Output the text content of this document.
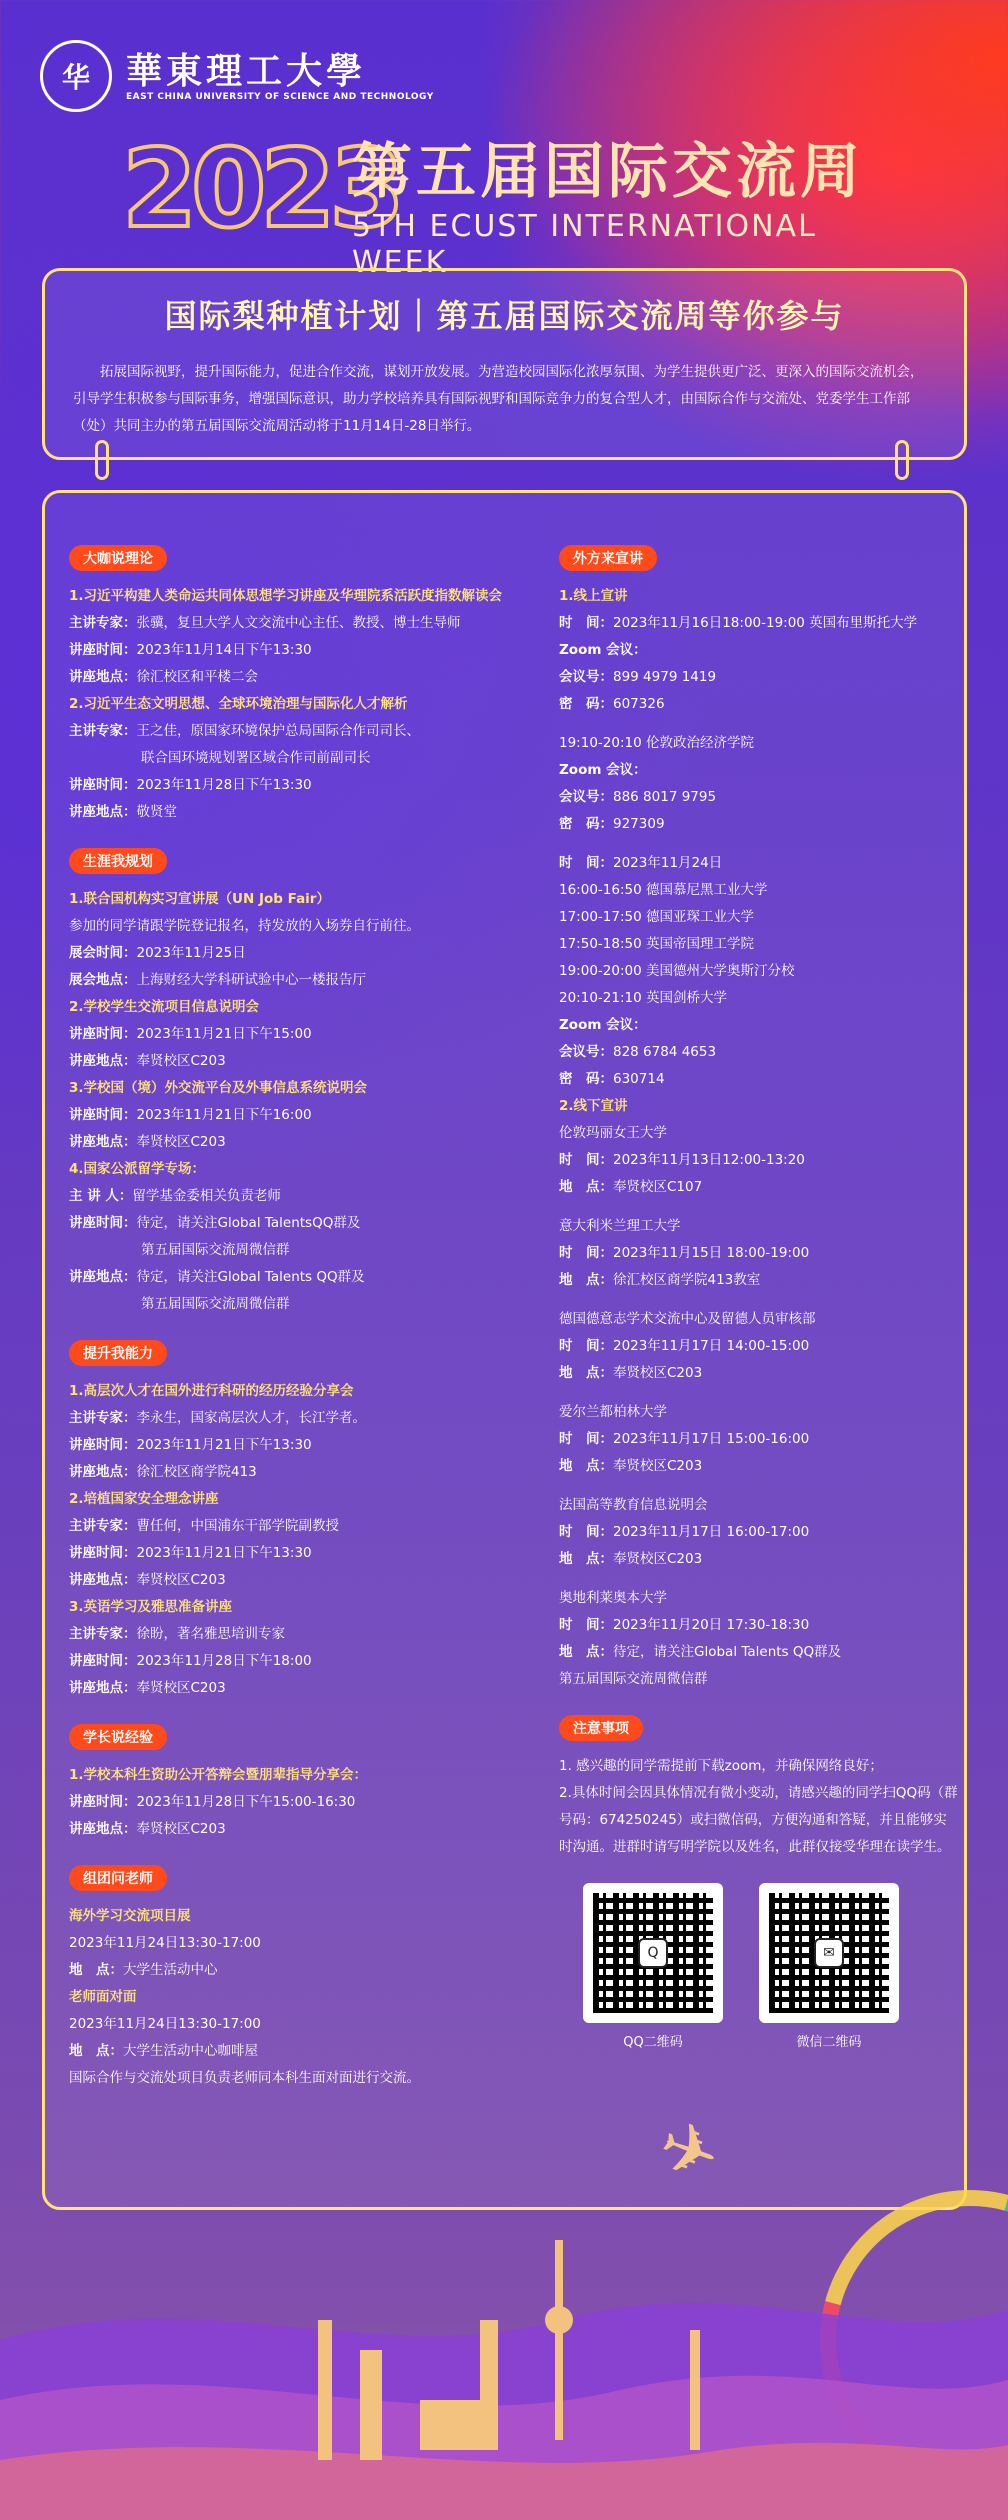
华	華東理工大學
EAST CHINA UNIVERSITY OF SCIENCE AND TECHNOLOGY
2023
第五届国际交流周
5TH ECUST INTERNATIONAL WEEK
国际梨种植计划｜第五届国际交流周等你参与

拓展国际视野，提升国际能力，促进合作交流，谋划开放发展。为营造校园国际化浓厚氛围、为学生提供更广泛、更深入的国际交流机会，引导学生积极参与国际事务，增强国际意识，助力学校培养具有国际视野和国际竞争力的复合型人才，由国际合作与交流处、党委学生工作部（处）共同主办的第五届国际交流周活动将于11月14日-28日举行。

大咖说理论
1.习近平构建人类命运共同体思想学习讲座及华理院系活跃度指数解读会
主讲专家：张骥，复旦大学人文交流中心主任、教授、博士生导师
讲座时间：2023年11月14日下午13:30
讲座地点：徐汇校区和平楼二会
2.习近平生态文明思想、全球环境治理与国际化人才解析
主讲专家：王之佳，原国家环境保护总局国际合作司司长、
联合国环境规划署区域合作司前副司长
讲座时间：2023年11月28日下午13:30
讲座地点：敬贤堂
生涯我规划
1.联合国机构实习宣讲展（UN Job Fair）
参加的同学请跟学院登记报名，持发放的入场券自行前往。
展会时间：2023年11月25日
展会地点：上海财经大学科研试验中心一楼报告厅
2.学校学生交流项目信息说明会
讲座时间：2023年11月21日下午15:00
讲座地点：奉贤校区C203
3.学校国（境）外交流平台及外事信息系统说明会
讲座时间：2023年11月21日下午16:00
讲座地点：奉贤校区C203
4.国家公派留学专场：
主 讲 人：留学基金委相关负责老师
讲座时间：待定，请关注Global TalentsQQ群及
第五届国际交流周微信群
讲座地点：待定，请关注Global Talents QQ群及
第五届国际交流周微信群
提升我能力
1.高层次人才在国外进行科研的经历经验分享会
主讲专家：李永生，国家高层次人才，长江学者。
讲座时间：2023年11月21日下午13:30
讲座地点：徐汇校区商学院413
2.培植国家安全理念讲座
主讲专家：曹任何，中国浦东干部学院副教授
讲座时间：2023年11月21日下午13:30
讲座地点：奉贤校区C203
3.英语学习及雅思准备讲座
主讲专家：徐盼，著名雅思培训专家
讲座时间：2023年11月28日下午18:00
讲座地点：奉贤校区C203
学长说经验
1.学校本科生资助公开答辩会暨朋辈指导分享会：
讲座时间：2023年11月28日下午15:00-16:30
讲座地点：奉贤校区C203
组团问老师
海外学习交流项目展
2023年11月24日13:30-17:00
地　点：大学生活动中心
老师面对面
2023年11月24日13:30-17:00
地　点：大学生活动中心咖啡屋
国际合作与交流处项目负责老师同本科生面对面进行交流。
外方来宣讲
1.线上宣讲
时　间：2023年11月16日18:00-19:00 英国布里斯托大学
Zoom 会议：
会议号：899 4979 1419
密　码：607326
19:10-20:10 伦敦政治经济学院
Zoom 会议：
会议号：886 8017 9795
密　码：927309
时　间：2023年11月24日
16:00-16:50 德国慕尼黑工业大学
17:00-17:50 德国亚琛工业大学
17:50-18:50 英国帝国理工学院
19:00-20:00 美国德州大学奥斯汀分校
20:10-21:10 英国剑桥大学
Zoom 会议：
会议号：828 6784 4653
密　码：630714
2.线下宣讲
伦敦玛丽女王大学
时　间：2023年11月13日12:00-13:20
地　点：奉贤校区C107
意大利米兰理工大学
时　间：2023年11月15日 18:00-19:00
地　点：徐汇校区商学院413教室
德国德意志学术交流中心及留德人员审核部
时　间：2023年11月17日 14:00-15:00
地　点：奉贤校区C203
爱尔兰都柏林大学
时　间：2023年11月17日 15:00-16:00
地　点：奉贤校区C203
法国高等教育信息说明会
时　间：2023年11月17日 16:00-17:00
地　点：奉贤校区C203
奥地利莱奥本大学
时　间：2023年11月20日 17:30-18:30
地　点：待定，请关注Global Talents QQ群及
第五届国际交流周微信群
注意事项
1. 感兴趣的同学需提前下载zoom，并确保网络良好；
2.具体时间会因具体情况有微小变动，请感兴趣的同学扫QQ码（群号码：674250245）或扫微信码，方便沟通和答疑，并且能够实时沟通。进群时请写明学院以及姓名，此群仅接受华理在读学生。
Q
QQ二维码
✉
微信二维码
✈
